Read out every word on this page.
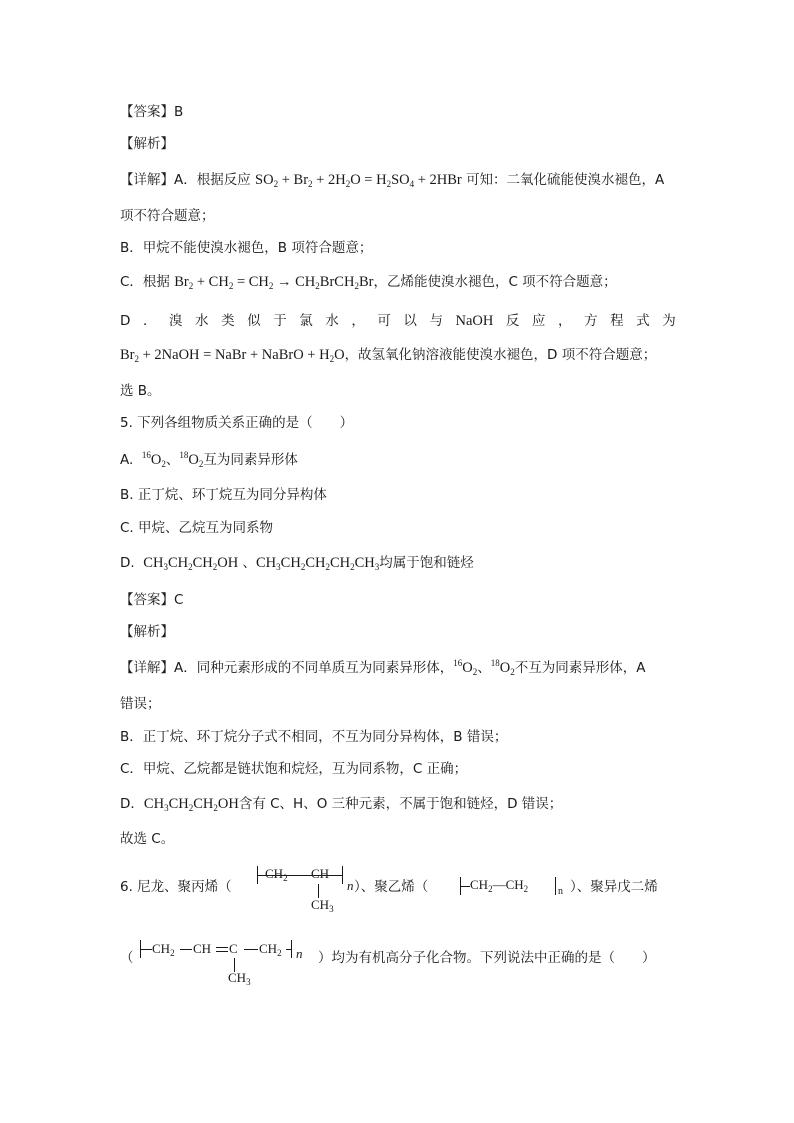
【答案】B
【解析】
【详解】A．根据反应 $SO_2 + Br_2 + 2H_2O = H_2SO_4 + 2HBr$ 可知：二氧化硫能使溴水褪色，A
项不符合题意；
B．甲烷不能使溴水褪色，B 项符合题意；
C．根据 $Br_2 + CH_2 = CH_2$ → $CH_2BrCH_2Br$，乙烯能使溴水褪色，C 项不符合题意；
D ． 溴 水 类 似 于 氯 水 ， 可 以 与 NaOH 反 应 ， 方 程 式 为
$Br_2$ + 2NaOH = NaBr + NaBrO + $H_2O$，故氢氧化钠溶液能使溴水褪色，D 项不符合题意；
选 B。
5. 下列各组物质关系正确的是（　　）
A. $^{16}O_2$、$^{18}O_2$互为同素异形体
B. 正丁烷、环丁烷互为同分异构体
C. 甲烷、乙烷互为同系物
D. $CH_3CH_2CH_2OH$ 、$CH_3CH_2CH_2CH_2CH_3$均属于饱和链烃
【答案】C
【解析】
【详解】A．同种元素形成的不同单质互为同素异形体，$^{16}O_2$、$^{18}O_2$不互为同素异形体，A
错误；
B．正丁烷、环丁烷分子式不相同，不互为同分异构体，B 错误；
C．甲烷、乙烷都是链状饱和烷烃，互为同系物，C 正确；
D．$CH_3CH_2CH_2OH$含有 C、H、O 三种元素，不属于饱和链烃，D 错误；
故选 C。
6. 尼龙、聚丙烯（
$CH_2$ CH
$CH_3$
n ）、聚乙烯（	$CH_2—CH_2$	n ）、聚异戊二烯
（
$CH_2$ CH C
$CH_3$
$CH_2$ n ）均为有机高分子化合物。下列说法中正确的是（　　）
